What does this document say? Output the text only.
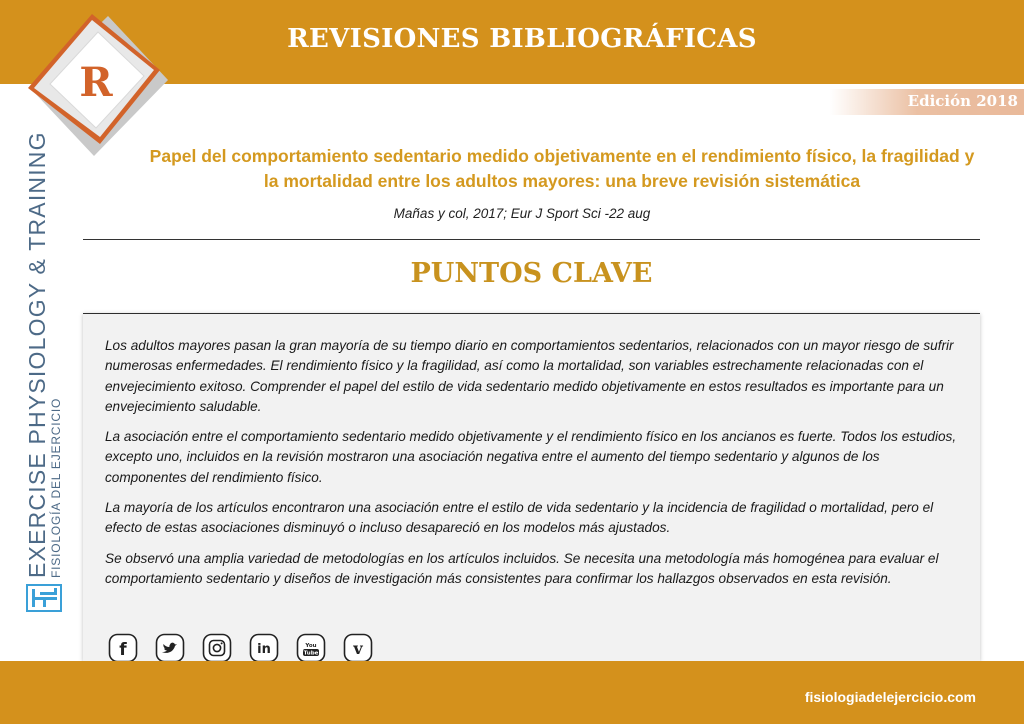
REVISIONES BIBLIOGRÁFICAS
Edición 2018
R
EXERCISE PHYSIOLOGY & TRAINING FISIOLOGÍA DEL EJERCICIO
Papel del comportamiento sedentario medido objetivamente en el rendimiento físico, la fragilidad y la mortalidad entre los adultos mayores: una breve revisión sistemática
Mañas y col, 2017; Eur J Sport Sci -22 aug
PUNTOS CLAVE

Los adultos mayores pasan la gran mayoría de su tiempo diario en comportamientos sedentarios, relacionados con un mayor riesgo de sufrir numerosas enfermedades. El rendimiento físico y la fragilidad, así como la mortalidad, son variables estrechamente relacionadas con el envejecimiento exitoso. Comprender el papel del estilo de vida sedentario medido objetivamente en estos resultados es importante para un envejecimiento saludable.

La asociación entre el comportamiento sedentario medido objetivamente y el rendimiento físico en los ancianos es fuerte. Todos los estudios, excepto uno, incluidos en la revisión mostraron una asociación negativa entre el aumento del tiempo sedentario y algunos de los componentes del rendimiento físico.

La mayoría de los artículos encontraron una asociación entre el estilo de vida sedentario y la incidencia de fragilidad o mortalidad, pero el efecto de estas asociaciones disminuyó o incluso desapareció en los modelos más ajustados.

Se observó una amplia variedad de metodologías en los artículos incluidos. Se necesita una metodología más homogénea para evaluar el comportamiento sedentario y diseños de investigación más consistentes para confirmar los hallazgos observados en esta revisión.

f	in	You
Tube v
fisiologiadelejercicio.com
